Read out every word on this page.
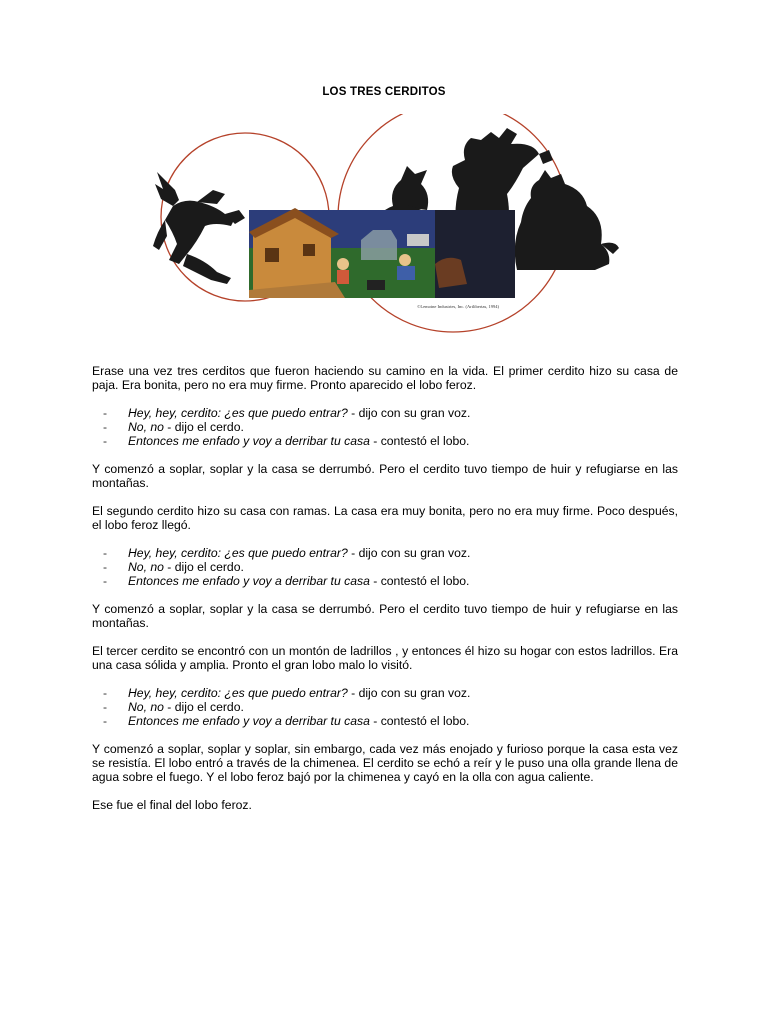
LOS TRES CERDITOS
©Lemoine Industries, Inc. (Artlibertas, 1994)

Erase una vez tres cerditos que fueron haciendo su camino en la vida. El primer cerdito hizo su casa de paja. Era bonita, pero no era muy firme. Pronto aparecido el lobo feroz.

- Hey, hey, cerdito: ¿es que puedo entrar? - dijo con su gran voz.
- No, no - dijo el cerdo.
- Entonces me enfado y voy a derribar tu casa - contestó el lobo.

Y comenzó a soplar, soplar y la casa se derrumbó. Pero el cerdito tuvo tiempo de huir y refugiarse en las montañas.

El segundo cerdito hizo su casa con ramas. La casa era muy bonita, pero no era muy firme. Poco después, el lobo feroz llegó.

- Hey, hey, cerdito: ¿es que puedo entrar? - dijo con su gran voz.
- No, no - dijo el cerdo.
- Entonces me enfado y voy a derribar tu casa - contestó el lobo.

Y comenzó a soplar, soplar y la casa se derrumbó. Pero el cerdito tuvo tiempo de huir y refugiarse en las montañas.

El tercer cerdito se encontró con un montón de ladrillos , y entonces él hizo su hogar con estos ladrillos. Era una casa sólida y amplia. Pronto el gran lobo malo lo visitó.

- Hey, hey, cerdito: ¿es que puedo entrar? - dijo con su gran voz.
- No, no - dijo el cerdo.
- Entonces me enfado y voy a derribar tu casa - contestó el lobo.

Y comenzó a soplar, soplar y soplar, sin embargo, cada vez más enojado y furioso porque la casa esta vez se resistía. El lobo entró a través de la chimenea. El cerdito se echó a reír y le puso una olla grande llena de agua sobre el fuego. Y el lobo feroz bajó por la chimenea y cayó en la olla con agua caliente.

Ese fue el final del lobo feroz.
